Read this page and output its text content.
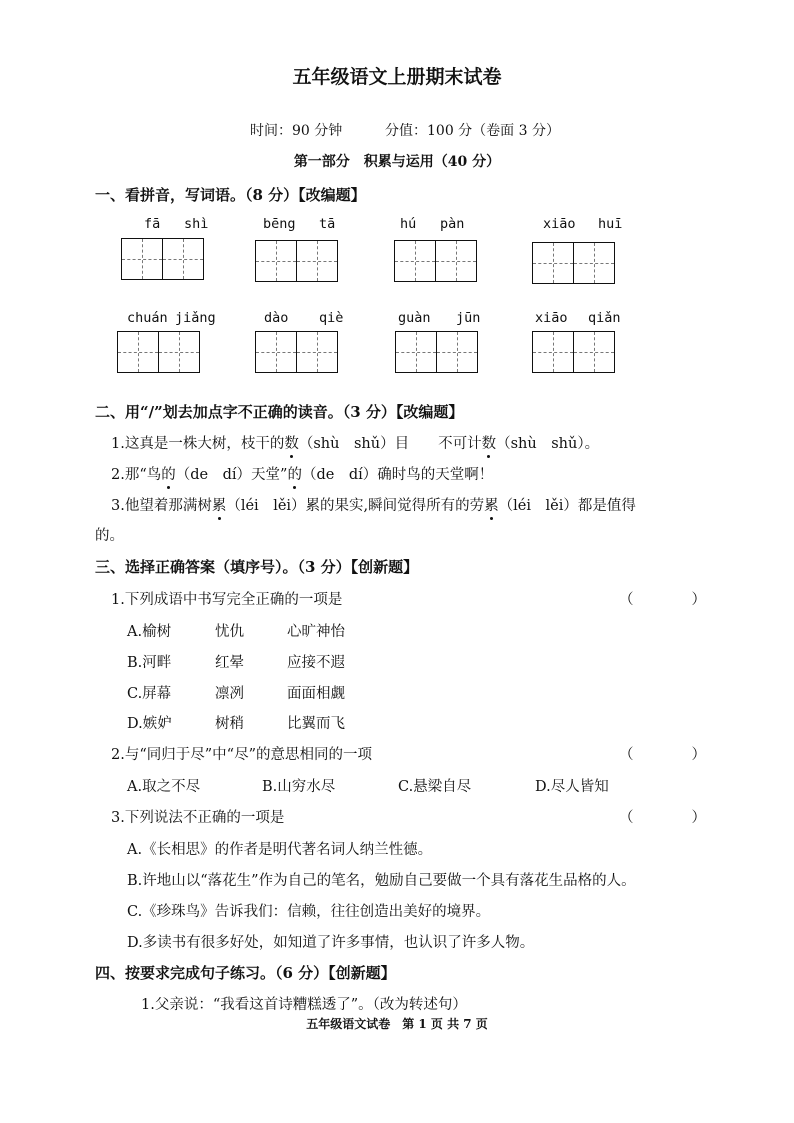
五年级语文上册期末试卷
时间：90 分钟	分值：100 分（卷面 3 分）
第一部分　积累与运用（40 分）
一、看拼音，写词语。（8 分）【改编题】
fā shì	bēng tā	hú pàn	xiāo huī
chuán jiǎng	dào qiè	guàn jūn	xiāo qiǎn
二、用“/”划去加点字不正确的读音。（3 分）【改编题】
1.这真是一株大树，枝干的数（shù　shǔ）目　　不可计数（shù　shǔ）。
2.那“鸟的（de　dí）天堂”的（de　dí）确时鸟的天堂啊！
3.他望着那满树累（léi　lěi）累的果实,瞬间觉得所有的劳累（léi　lěi）都是值得
的。
三、选择正确答案（填序号）。（3 分）【创新题】
1.下列成语中书写完全正确的一项是	（　　　　）
A.榆树	忧仇	心旷神怡
B.河畔	红晕	应接不遐
C.屏幕	凛冽	面面相觑
D.嫉妒	树稍	比翼而飞
2.与“同归于尽”中“尽”的意思相同的一项	（　　　　）
A.取之不尽	B.山穷水尽	C.悬梁自尽	D.尽人皆知
3.下列说法不正确的一项是	（　　　　）
A.《长相思》的作者是明代著名词人纳兰性德。
B.许地山以“落花生”作为自己的笔名，勉励自己要做一个具有落花生品格的人。
C.《珍珠鸟》告诉我们：信赖，往往创造出美好的境界。
D.多读书有很多好处，如知道了许多事情，也认识了许多人物。
四、按要求完成句子练习。（6 分）【创新题】
1.父亲说：“我看这首诗糟糕透了”。（改为转述句）
五年级语文试卷　第 1 页 共 7 页
